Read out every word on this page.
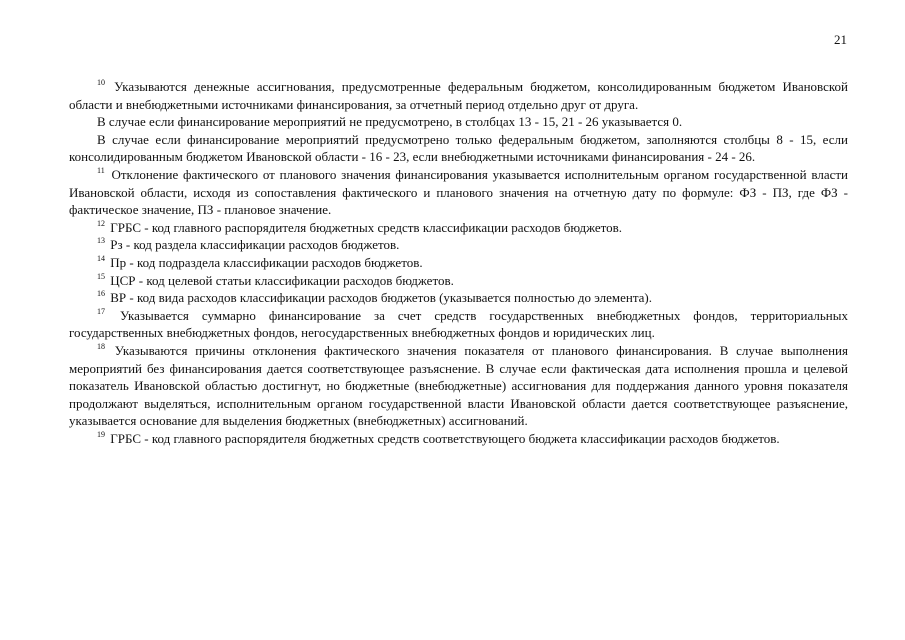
21

$^{10}$ Указываются денежные ассигнования, предусмотренные федеральным бюджетом, консолидированным бюджетом Ивановской области и внебюджетными источниками финансирования, за отчетный период отдельно друг от друга.

В случае если финансирование мероприятий не предусмотрено, в столбцах 13 - 15, 21 - 26 указывается 0.

В случае если финансирование мероприятий предусмотрено только федеральным бюджетом, заполняются столбцы 8 - 15, если консолидированным бюджетом Ивановской области - 16 - 23, если внебюджетными источниками финансирования - 24 - 26.

$^{11}$ Отклонение фактического от планового значения финансирования указывается исполнительным органом государственной власти Ивановской области, исходя из сопоставления фактического и планового значения на отчетную дату по формуле: ФЗ - ПЗ, где ФЗ - фактическое значение, ПЗ - плановое значение.

$^{12}$ ГРБС - код главного распорядителя бюджетных средств классификации расходов бюджетов.

$^{13}$ Рз - код раздела классификации расходов бюджетов.

$^{14}$ Пр - код подраздела классификации расходов бюджетов.

$^{15}$ ЦСР - код целевой статьи классификации расходов бюджетов.

$^{16}$ ВР - код вида расходов классификации расходов бюджетов (указывается полностью до элемента).

$^{17}$ Указывается суммарно финансирование за счет средств государственных внебюджетных фондов, территориальных государственных внебюджетных фондов, негосударственных внебюджетных фондов и юридических лиц.

$^{18}$ Указываются причины отклонения фактического значения показателя от планового финансирования. В случае выполнения мероприятий без финансирования дается соответствующее разъяснение. В случае если фактическая дата исполнения прошла и целевой показатель Ивановской областью достигнут, но бюджетные (внебюджетные) ассигнования для поддержания данного уровня показателя продолжают выделяться, исполнительным органом государственной власти Ивановской области дается соответствующее разъяснение, указывается основание для выделения бюджетных (внебюджетных) ассигнований.

$^{19}$ ГРБС - код главного распорядителя бюджетных средств соответствующего бюджета классификации расходов бюджетов.
